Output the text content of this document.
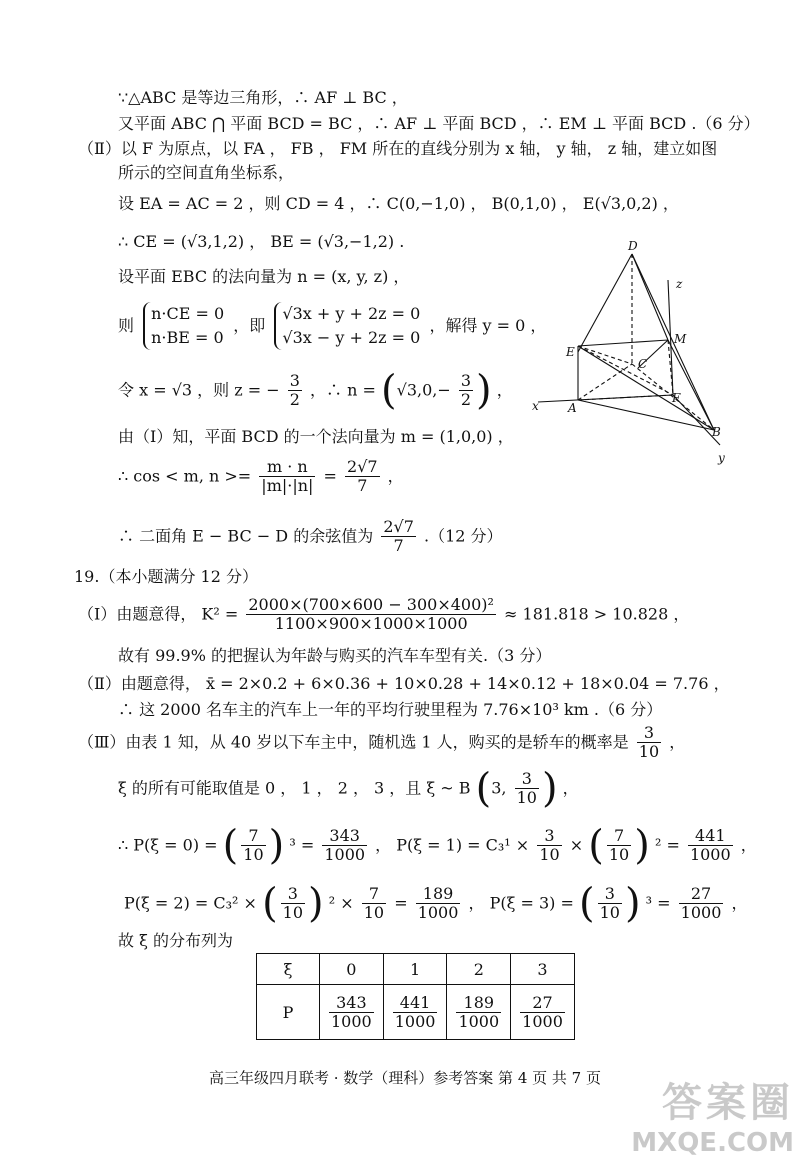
∵△ABC 是等边三角形，∴ AF ⊥ BC ，
又平面 ABC ⋂ 平面 BCD = BC ，∴ AF ⊥ 平面 BCD ，∴ EM ⊥ 平面 BCD .（6 分）
（Ⅱ）以 F 为原点，以 FA ， FB ， FM 所在的直线分别为 x 轴， y 轴， z 轴，建立如图
所示的空间直角坐标系，
设 EA = AC = 2 ，则 CD = 4 ，∴ C(0,−1,0) ， B(0,1,0) ， E(√3,0,2) ，
∴ CE = (√3,1,2) ， BE = (√3,−1,2) .
设平面 EBC 的法向量为 n = (x, y, z) ，
则
n·CE = 0
n·BE = 0
，即
√3x + y + 2z = 0
√3x − y + 2z = 0
，解得 y = 0 ，
令 x = √3 ，则 z = − $\frac{3}{2}$ ，∴ $n = (√3,0,- \frac{3}{2}$ ) ，
由（Ⅰ）知，平面 BCD 的一个法向量为 m = (1,0,0) ，
∴ cos < m, $n >= \frac{m \cdot n}{|m|\cdot|n|} = \frac{2√7}{7}$ ，
∴ 二面角 E − BC − D 的余弦值为 $\frac{2√7}{7} .(12$ 分）
19.（本小题满分 12 分）
（Ⅰ）由题意得， $K^2 = \frac{\text{2000×(700×600 − 300×400)²}}{1100\times 900\times 1000\times 1000} \approx 181.818 > 10.828$ ，
故有 99.9% 的把握认为年龄与购买的汽车车型有关.（3 分）
（Ⅱ）由题意得， x̄ = 2×0.2 + 6×0.36 + 10×0.28 + 14×0.12 + 18×0.04 = 7.76 ，
∴ 这 2000 名车主的汽车上一年的平均行驶里程为 7.76×10³ km .（6 分）
（Ⅲ）由表 1 知，从 40 岁以下车主中，随机选 1 人，购买的是轿车的概率是 $\frac{3}{10}$ ，
ξ 的所有可能取值是 0 ， 1 ， 2 ， 3 ，且 ξ ~ B (3, $\frac{3}{10}$ ) ，
∴ P(ξ = 0) = ( $\frac{7}{10}$ ) $^3 = \frac{343}{1000}$ ， $P(\xi = 1) = C_3^1 \times \frac{3}{10}$ × ( $\frac{7}{10}$ ) $^2 = \frac{441}{1000}$ ，
P(ξ = 2) = C₃² × ( $\frac{3}{10}$ ) $^2 \times \frac{7}{10} = \frac{189}{1000}$ ， P(ξ = 3) = ( $\frac{3}{10}$ ) $^3 = \frac{27}{1000}$ ，
故 ξ 的分布列为
ξ	0	1	2	3
P	$\frac{343}{1000}$	$\frac{441}{1000}$	$\frac{189}{1000}$	$\frac{27}{1000}$
D
z
E
M
C
x A
F
B
y
高三年级四月联考 · 数学（理科）参考答案 第 4 页 共 7 页
答案圈
MXQE.COM
